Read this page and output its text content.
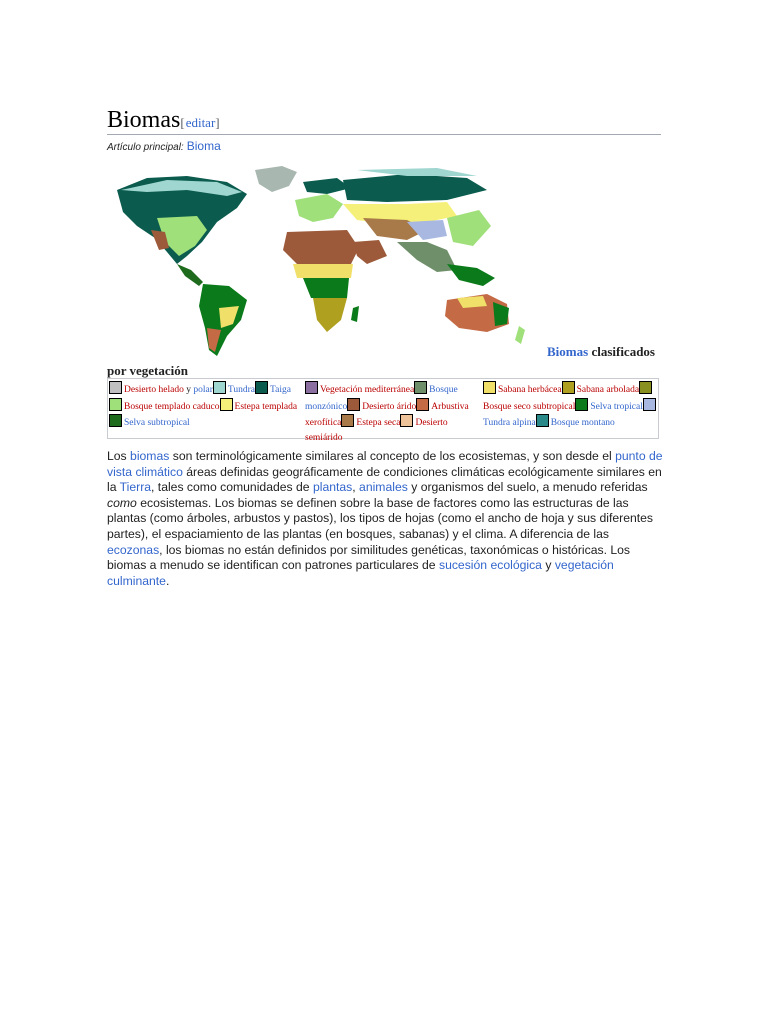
Biomas[editar]
Artículo principal: Bioma
Biomas clasificados
por vegetación
Desierto helado y polar Tundra TaigaBosque templado caduco Estepa templadaSelva subtropical
Vegetación mediterránea Bosque monzónico Desierto árido Arbustiva xerofítica Estepa seca Desierto semiárido
Sabana herbácea Sabana arboladaBosque seco subtropical Selva tropicalTundra alpina Bosque montano
Los biomas son terminológicamente similares al concepto de los ecosistemas, y son desde el punto de vista climático áreas definidas geográficamente de condiciones climáticas ecológicamente similares en la Tierra, tales como comunidades de plantas, animales y organismos del suelo, a menudo referidas como ecosistemas. Los biomas se definen sobre la base de factores como las estructuras de las plantas (como árboles, arbustos y pastos), los tipos de hojas (como el ancho de hoja y sus diferentes partes), el espaciamiento de las plantas (en bosques, sabanas) y el clima. A diferencia de las ecozonas, los biomas no están definidos por similitudes genéticas, taxonómicas o históricas. Los biomas a menudo se identifican con patrones particulares de sucesión ecológica y vegetación culminante.
